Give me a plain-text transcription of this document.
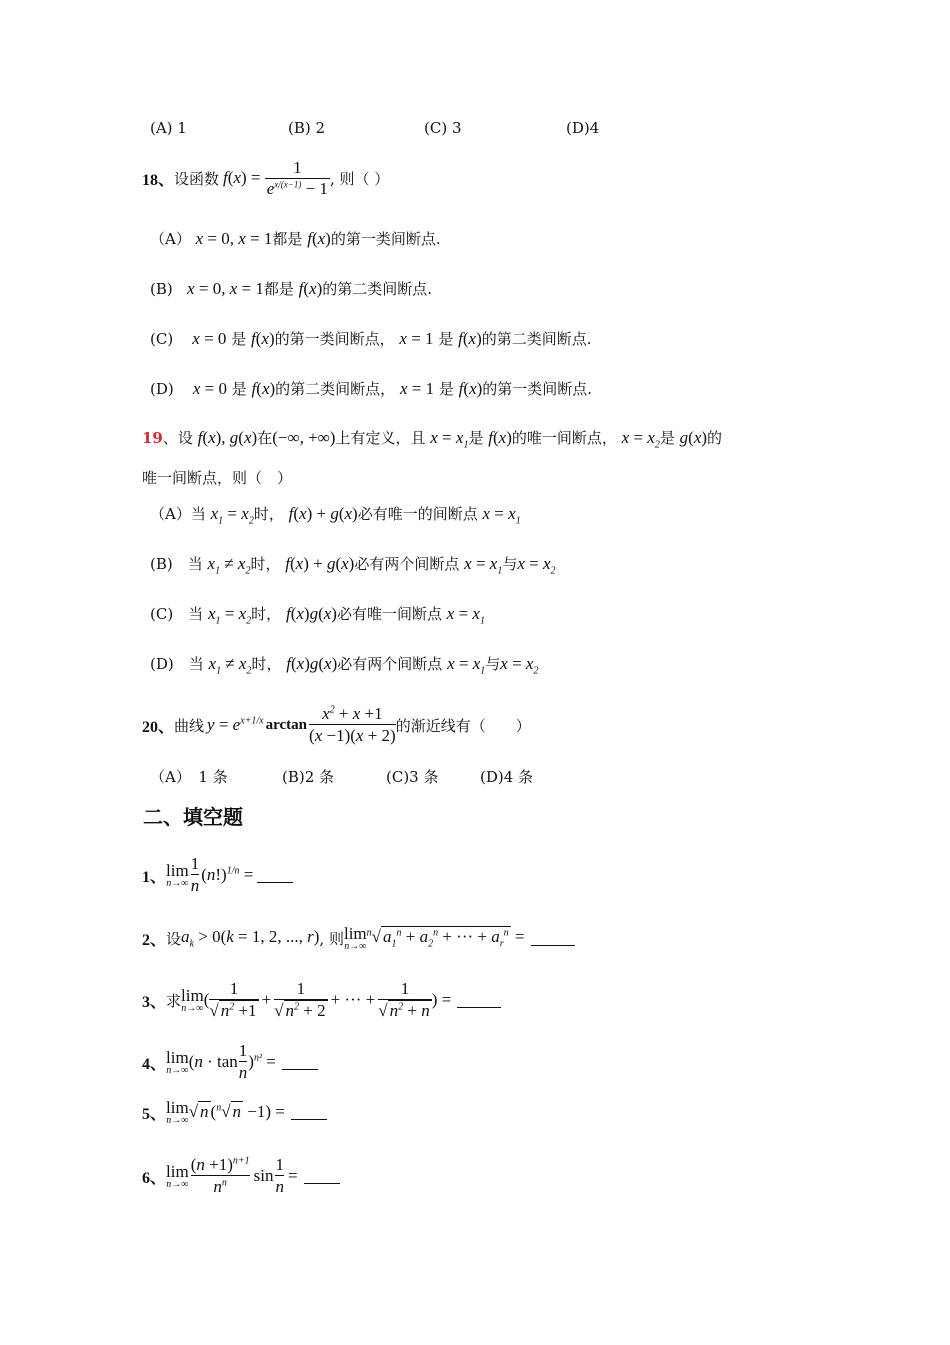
(A) 1	(B) 2	(C) 3	(D)4
18、 设函数 f ( x ) = $\frac{1}{e^{x/(x-1)} - 1}$ , 则（ ）
（A） x = 0, x = 1都是 f(x)的第一类间断点.
(B) x = 0, x = 1都是 f(x)的第二类间断点.
(C) x = 0 是 f(x)的第一类间断点， x = 1 是 f(x)的第二类间断点.
(D) x = 0 是 f(x)的第二类间断点， x = 1 是 f(x)的第一类间断点.
19、设 f(x), g(x)在(−∞, +∞)上有定义，且 $x = x_1$是 f(x)的唯一间断点， $x = x_2$是 g(x)的
唯一间断点，则（　）
（A）当 $x_1 = x_2$时， f(x) + g(x)必有唯一的间断点 $x = x_1$
(B)　当 $x_1 \ne x_2$时， f(x) + g(x)必有两个间断点 $x = x_1$与$x = x_2$
(C)　当 $x_1 = x_2$时， f(x)g(x)必有唯一间断点 $x = x_1$
(D)　当 $x_1 \ne x_2$时， f(x)g(x)必有两个间断点 $x = x_1$与$x = x_2$
20、 曲线 $y = e^{x+1/x}$ $\arctan \frac{x^2 + x +1}{(x -1)(x + 2)}$ 的渐近线有（　　）
（A）　1 条	(B)2 条	(C)3 条	(D)4 条
二、填空题
1、 lim
$n\to\infty \frac{1}{n} (n!)^{1/n}$ =
2、 设 $a_k > 0(k = 1$, 2, ..., r) , 则 lim
n→∞
$^n$√ $a_1^n + a_2^n$ + ··· + $a_r^n$ =
3、 求 lim
n→∞ ( $\frac{1}{√ n^2 +1} + \frac{1}{√ n^2 + 2}$ + ··· + $\frac{1}{√ n^2 + n}$ ) =
4、 lim
n→∞ $(n \cdot \tan \frac{1}{n} )^{n^2}$ =
5、 lim
n→∞ √ n ($^n$√ n −1) =
6、 lim
$n\to\infty \frac{(n +1)^{n+1}}{n^n}$ $\sin \frac{1}{n}$ =
